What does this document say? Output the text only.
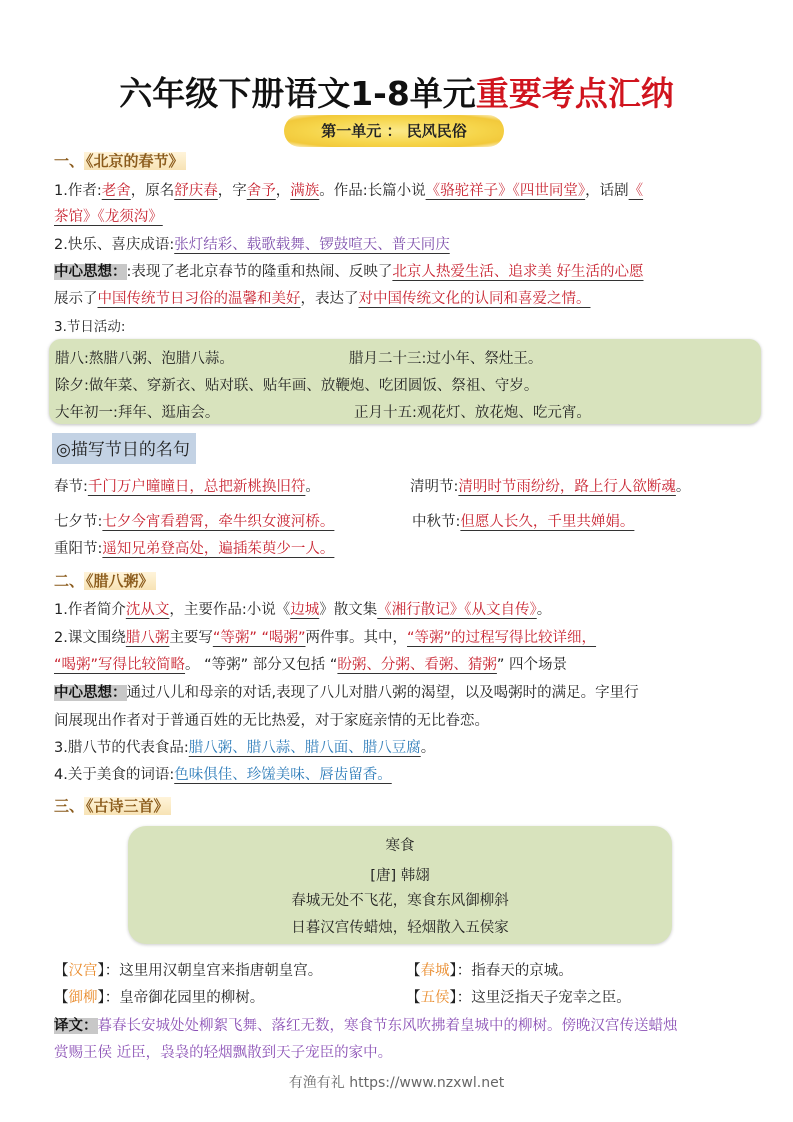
六年级下册语文1-8单元重要考点汇纳
第一单元 ： 民风民俗
一、 《北京的春节》
1.作者:老舍，原名舒庆春，字舍予，满族。作品:长篇小说《骆驼祥子》《四世同堂》，话剧《
茶馆》《龙须沟》
2.快乐、喜庆成语:张灯结彩、载歌载舞、锣鼓喧天、普天同庆
中心思想：:表现了老北京春节的隆重和热闹、反映了北京人热爱生活、追求美 好生活的心愿
展示了中国传统节日习俗的温馨和美好，表达了对中国传统文化的认同和喜爱之情。
3.节日活动:
腊八:熬腊八粥、泡腊八蒜。	腊月二十三:过小年、祭灶王。
除夕:做年菜、穿新衣、贴对联、贴年画、放鞭炮、吃团圆饭、祭祖、守岁。
大年初一:拜年、逛庙会。	正月十五:观花灯、放花炮、吃元宵。
◎描写节日的名句
春节:千门万户曈曈日，总把新桃换旧符。	清明节:清明时节雨纷纷，路上行人欲断魂。
七夕节:七夕今宵看碧霄，牵牛织女渡河桥。	中秋节:但愿人长久，千里共婵娟。
重阳节:遥知兄弟登高处，遍插茱萸少一人。
二、 《腊八粥》
1.作者简介沈从文，主要作品:小说《边城》散文集《湘行散记》《从文自传》。
2.课文围绕腊八粥主要写“等粥” “喝粥”两件事。其中，“等粥”的过程写得比较详细，
“喝粥”写得比较简略。 “等粥” 部分又包括 “盼粥、分粥、看粥、猜粥” 四个场景
中心思想：通过八儿和母亲的对话,表现了八儿对腊八粥的渴望，以及喝粥时的满足。字里行
间展现出作者对于普通百姓的无比热爱，对于家庭亲情的无比眷恋。
3.腊八节的代表食品:腊八粥、腊八蒜、腊八面、腊八豆腐。
4.关于美食的词语:色味俱佳、珍馐美味、唇齿留香。
三、 《古诗三首》
寒食
[唐] 韩翃
春城无处不飞花，寒食东风御柳斜
日暮汉宫传蜡烛，轻烟散入五侯家
【汉宫】：这里用汉朝皇宫来指唐朝皇宫。	【春城】：指春天的京城。
【御柳】：皇帝御花园里的柳树。	【五侯】：这里泛指天子宠幸之臣。
译文：暮春长安城处处柳絮飞舞、落红无数，寒食节东风吹拂着皇城中的柳树。傍晚汉宫传送蜡烛
赏赐王侯 近臣，袅袅的轻烟飘散到天子宠臣的家中。
有渔有礼 https://www.nzxwl.net
